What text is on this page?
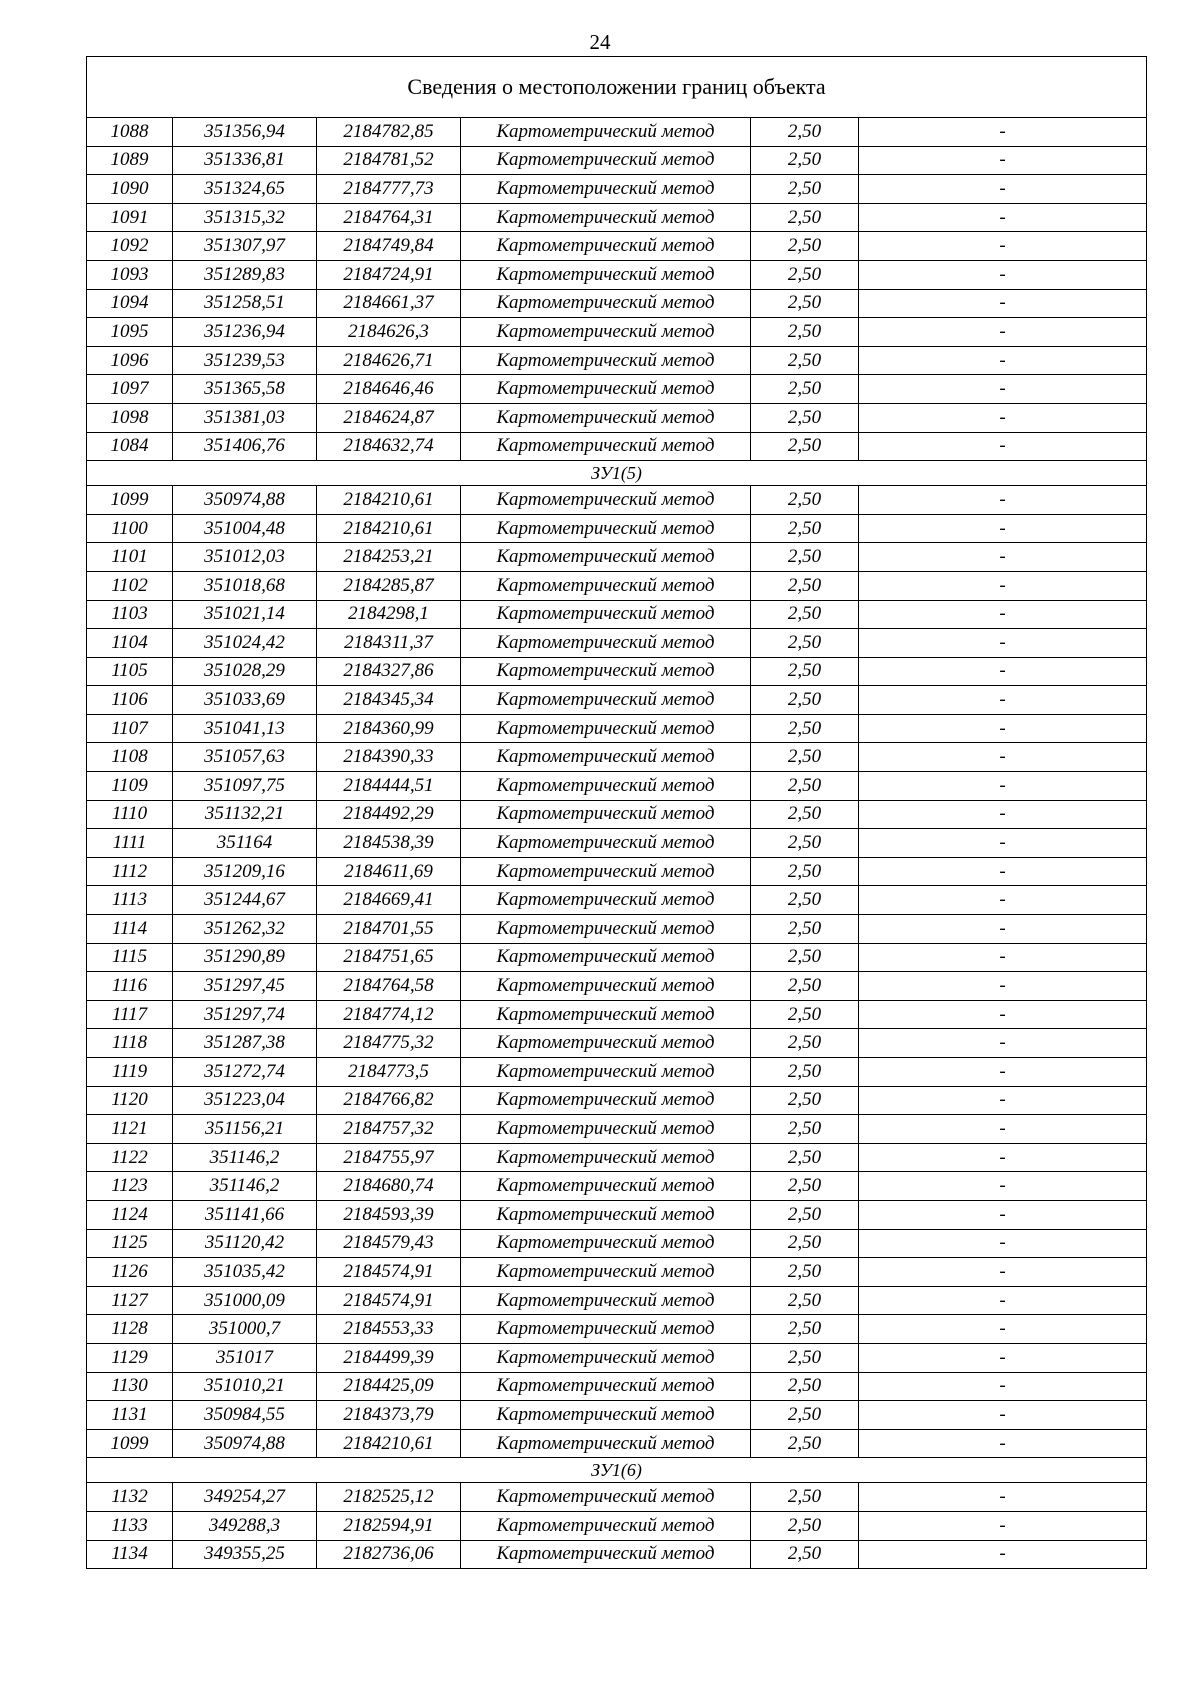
24
Сведения о местоположении границ объекта					
1088	351356,94	2184782,85	Картометрический метод	2,50	-
1089	351336,81	2184781,52	Картометрический метод	2,50	-
1090	351324,65	2184777,73	Картометрический метод	2,50	-
1091	351315,32	2184764,31	Картометрический метод	2,50	-
1092	351307,97	2184749,84	Картометрический метод	2,50	-
1093	351289,83	2184724,91	Картометрический метод	2,50	-
1094	351258,51	2184661,37	Картометрический метод	2,50	-
1095	351236,94	2184626,3	Картометрический метод	2,50	-
1096	351239,53	2184626,71	Картометрический метод	2,50	-
1097	351365,58	2184646,46	Картометрический метод	2,50	-
1098	351381,03	2184624,87	Картометрический метод	2,50	-
1084	351406,76	2184632,74	Картометрический метод	2,50	-
ЗУ1(5)					
1099	350974,88	2184210,61	Картометрический метод	2,50	-
1100	351004,48	2184210,61	Картометрический метод	2,50	-
1101	351012,03	2184253,21	Картометрический метод	2,50	-
1102	351018,68	2184285,87	Картометрический метод	2,50	-
1103	351021,14	2184298,1	Картометрический метод	2,50	-
1104	351024,42	2184311,37	Картометрический метод	2,50	-
1105	351028,29	2184327,86	Картометрический метод	2,50	-
1106	351033,69	2184345,34	Картометрический метод	2,50	-
1107	351041,13	2184360,99	Картометрический метод	2,50	-
1108	351057,63	2184390,33	Картометрический метод	2,50	-
1109	351097,75	2184444,51	Картометрический метод	2,50	-
1110	351132,21	2184492,29	Картометрический метод	2,50	-
1111	351164	2184538,39	Картометрический метод	2,50	-
1112	351209,16	2184611,69	Картометрический метод	2,50	-
1113	351244,67	2184669,41	Картометрический метод	2,50	-
1114	351262,32	2184701,55	Картометрический метод	2,50	-
1115	351290,89	2184751,65	Картометрический метод	2,50	-
1116	351297,45	2184764,58	Картометрический метод	2,50	-
1117	351297,74	2184774,12	Картометрический метод	2,50	-
1118	351287,38	2184775,32	Картометрический метод	2,50	-
1119	351272,74	2184773,5	Картометрический метод	2,50	-
1120	351223,04	2184766,82	Картометрический метод	2,50	-
1121	351156,21	2184757,32	Картометрический метод	2,50	-
1122	351146,2	2184755,97	Картометрический метод	2,50	-
1123	351146,2	2184680,74	Картометрический метод	2,50	-
1124	351141,66	2184593,39	Картометрический метод	2,50	-
1125	351120,42	2184579,43	Картометрический метод	2,50	-
1126	351035,42	2184574,91	Картометрический метод	2,50	-
1127	351000,09	2184574,91	Картометрический метод	2,50	-
1128	351000,7	2184553,33	Картометрический метод	2,50	-
1129	351017	2184499,39	Картометрический метод	2,50	-
1130	351010,21	2184425,09	Картометрический метод	2,50	-
1131	350984,55	2184373,79	Картометрический метод	2,50	-
1099	350974,88	2184210,61	Картометрический метод	2,50	-
ЗУ1(6)					
1132	349254,27	2182525,12	Картометрический метод	2,50	-
1133	349288,3	2182594,91	Картометрический метод	2,50	-
1134	349355,25	2182736,06	Картометрический метод	2,50	-
